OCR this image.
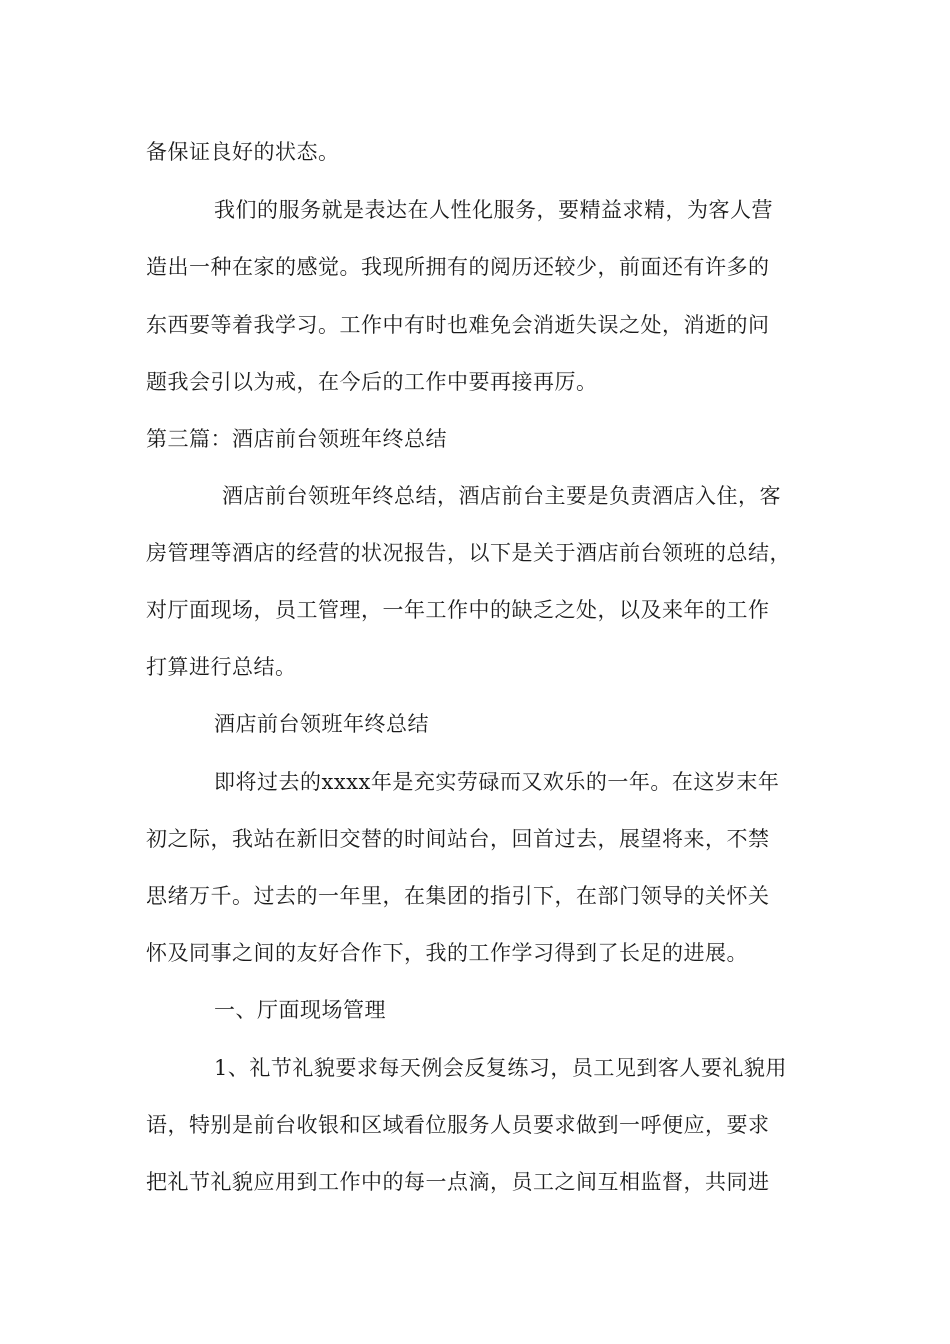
备保证良好的状态。
我们的服务就是表达在人性化服务，要精益求精，为客人营
造出一种在家的感觉。我现所拥有的阅历还较少，前面还有许多的
东西要等着我学习。工作中有时也难免会消逝失误之处，消逝的问
题我会引以为戒，在今后的工作中要再接再厉。
第三篇：酒店前台领班年终总结
酒店前台领班年终总结，酒店前台主要是负责酒店入住，客
房管理等酒店的经营的状况报告，以下是关于酒店前台领班的总结，
对厅面现场，员工管理，一年工作中的缺乏之处，以及来年的工作
打算进行总结。
酒店前台领班年终总结
即将过去的xxxx年是充实劳碌而又欢乐的一年。在这岁末年
初之际，我站在新旧交替的时间站台，回首过去，展望将来，不禁
思绪万千。过去的一年里，在集团的指引下，在部门领导的关怀关
怀及同事之间的友好合作下，我的工作学习得到了长足的进展。
一、厅面现场管理
1、礼节礼貌要求每天例会反复练习，员工见到客人要礼貌用
语，特别是前台收银和区域看位服务人员要求做到一呼便应，要求
把礼节礼貌应用到工作中的每一点滴，员工之间互相监督，共同进
